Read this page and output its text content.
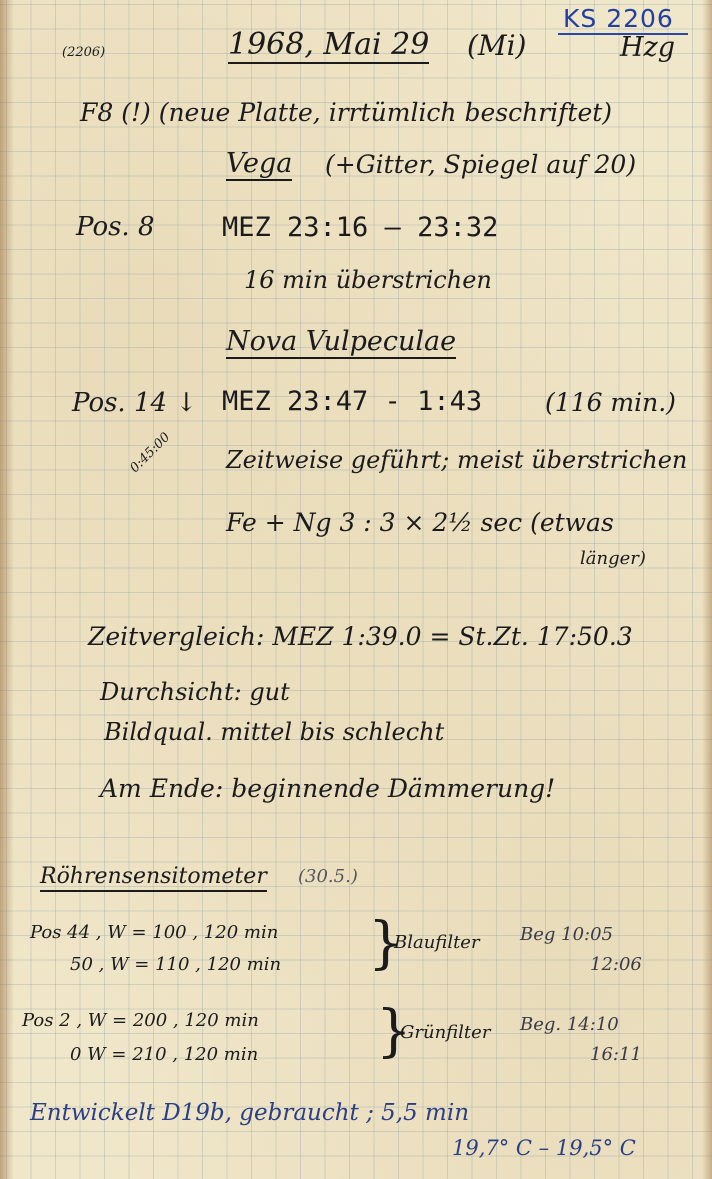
KS 2206
(2206)	1968, Mai 29 (Mi)	Hzg
F8 (!) (neue Platte, irrtümlich beschriftet)
Vega (+Gitter, Spiegel auf 20)
Pos. 8 MEZ 23:16 — 23:32
16 min überstrichen
Nova Vulpeculae
Pos. 14 ↓ MEZ 23:47 - 1:43	(116 min.)
0:45:00 Zeitweise geführt; meist überstrichen
Fe + Ng 3 : 3 × 2½ sec (etwas
länger)
Zeitvergleich: MEZ 1:39.0 = St.Zt. 17:50.3
Durchsicht: gut
Bildqual. mittel bis schlecht
Am Ende: beginnende Dämmerung!
Röhrensensitometer (30.5.)
Pos 44 , W = 100 , 120 min
50 , W = 110 , 120 min }
Blaufilter Beg 10:05
12:06
Pos 2 , W = 200 , 120 min
0 W = 210 , 120 min }
Grünfilter Beg. 14:10
16:11
Entwickelt D19b, gebraucht ; 5,5 min
19,7° C – 19,5° C
